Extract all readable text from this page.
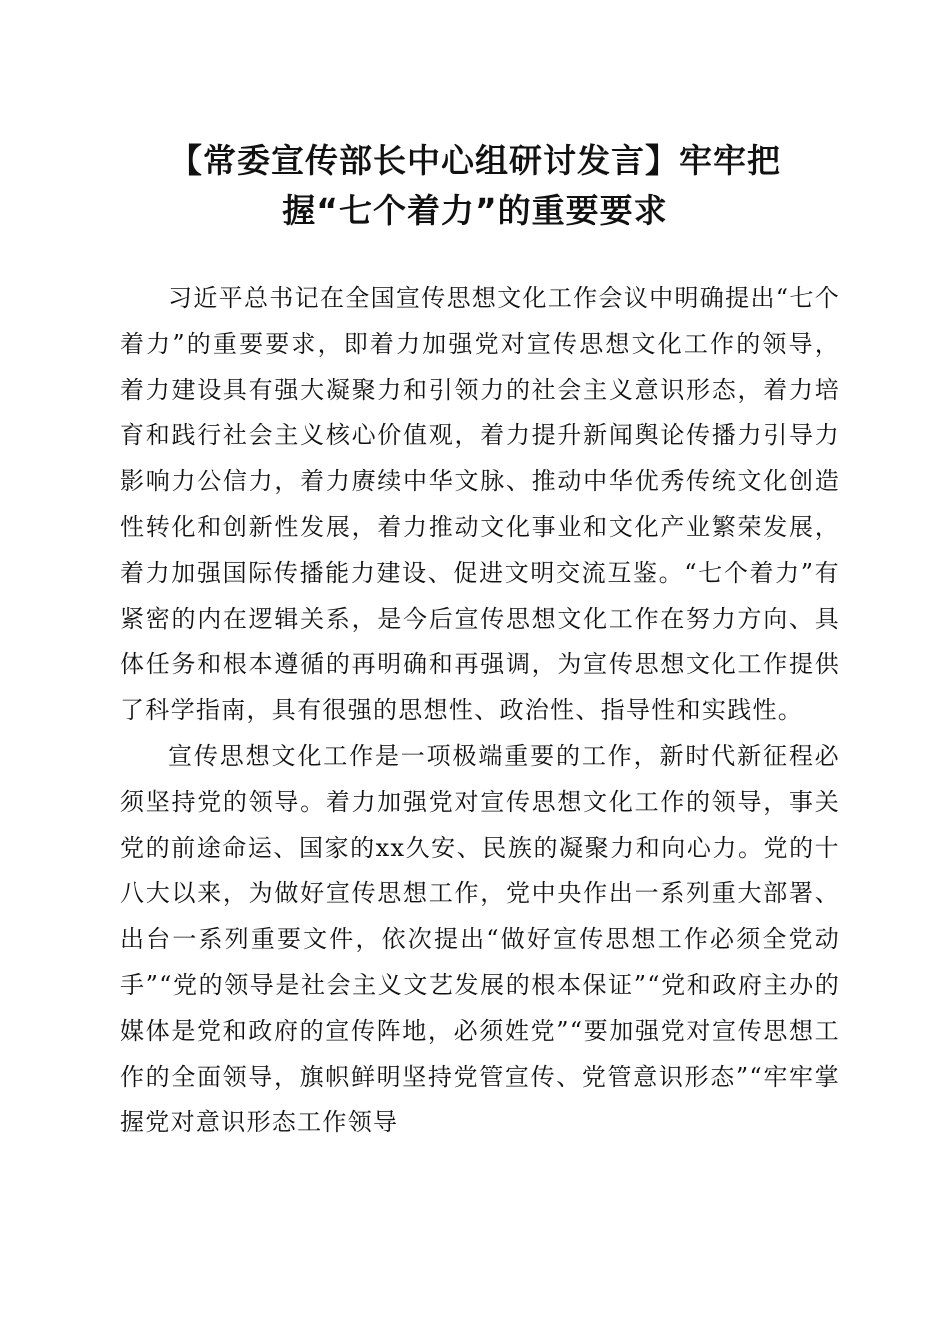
【常委宣传部长中心组研讨发言】牢牢把
握“七个着力”的重要要求

习近平总书记在全国宣传思想文化工作会议中明确提出“七个着力”的重要要求，即着力加强党对宣传思想文化工作的领导，着力建设具有强大凝聚力和引领力的社会主义意识形态，着力培育和践行社会主义核心价值观，着力提升新闻舆论传播力引导力影响力公信力，着力赓续中华文脉、推动中华优秀传统文化创造性转化和创新性发展，着力推动文化事业和文化产业繁荣发展，着力加强国际传播能力建设、促进文明交流互鉴。“七个着力”有紧密的内在逻辑关系，是今后宣传思想文化工作在努力方向、具体任务和根本遵循的再明确和再强调，为宣传思想文化工作提供了科学指南，具有很强的思想性、政治性、指导性和实践性。

宣传思想文化工作是一项极端重要的工作，新时代新征程必须坚持党的领导。着力加强党对宣传思想文化工作的领导，事关党的前途命运、国家的xx久安、民族的凝聚力和向心力。党的十八大以来，为做好宣传思想工作，党中央作出一系列重大部署、出台一系列重要文件，依次提出“做好宣传思想工作必须全党动手”“党的领导是社会主义文艺发展的根本保证”“党和政府主办的媒体是党和政府的宣传阵地，必须姓党”“要加强党对宣传思想工作的全面领导，旗帜鲜明坚持党管宣传、党管意识形态”“牢牢掌握党对意识形态工作领导
